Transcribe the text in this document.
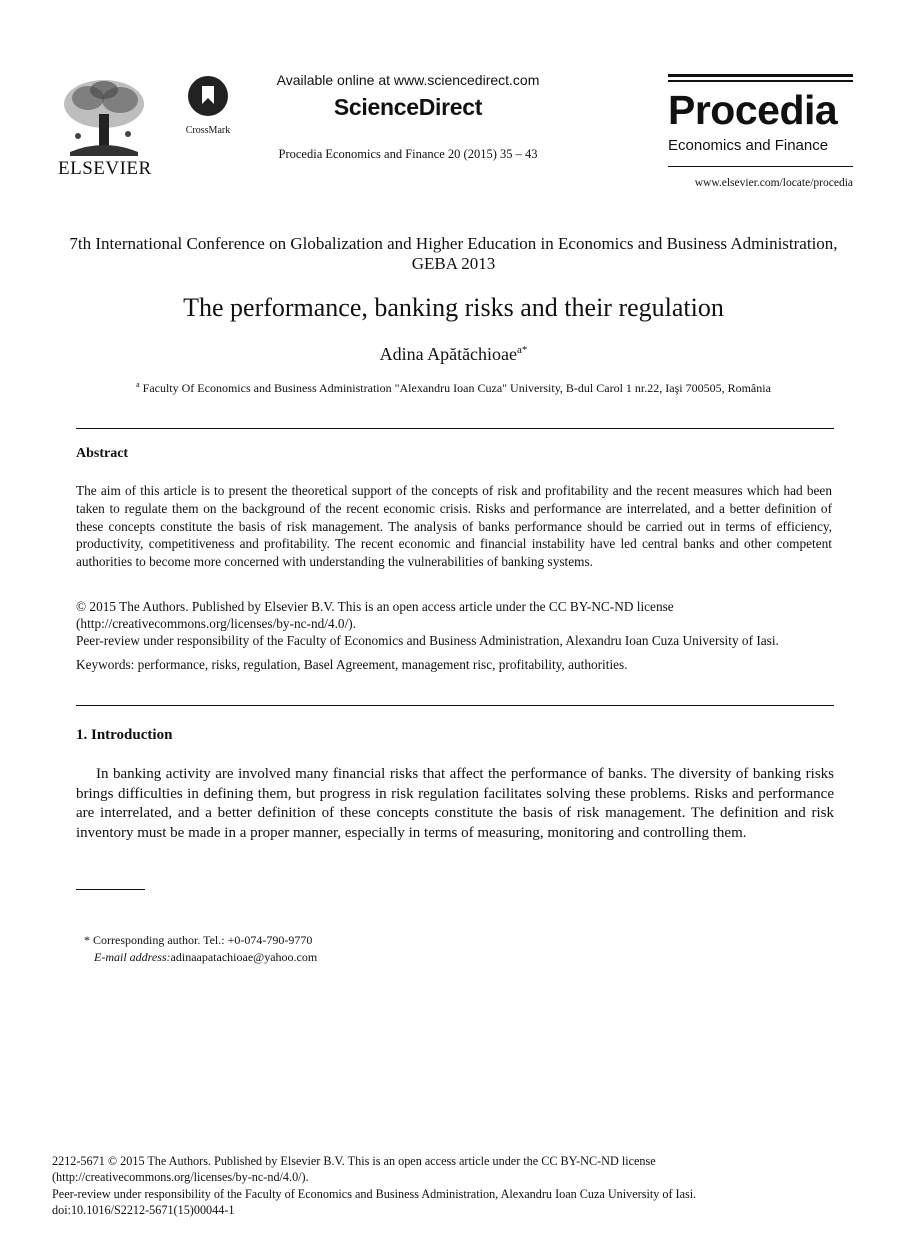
ELSEVIER
CrossMark
Available online at www.sciencedirect.com
ScienceDirect
Procedia Economics and Finance 20 (2015) 35 – 43
Procedia
Economics and Finance
www.elsevier.com/locate/procedia
7th International Conference on Globalization and Higher Education in Economics and Business Administration, GEBA 2013
The performance, banking risks and their regulation
Adina Apătăchioae$^{a*}$
$^a$ Faculty Of Economics and Business Administration "Alexandru Ioan Cuza" University, B-dul Carol 1 nr.22, Iaşi 700505, România
Abstract
The aim of this article is to present the theoretical support of the concepts of risk and profitability and the recent measures which had been taken to regulate them on the background of the recent economic crisis. Risks and performance are interrelated, and a better definition of these concepts constitute the basis of risk management. The analysis of banks performance should be carried out in terms of efficiency, productivity, competitiveness and profitability. The recent economic and financial instability have led central banks and other competent authorities to become more concerned with understanding the vulnerabilities of banking systems.
© 2015 The Authors. Published by Elsevier B.V. This is an open access article under the CC BY-NC-ND license
(http://creativecommons.org/licenses/by-nc-nd/4.0/).
Peer-review under responsibility of the Faculty of Economics and Business Administration, Alexandru Ioan Cuza University of Iasi.
Keywords: performance, risks, regulation, Basel Agreement, management risc, profitability, authorities.
1. Introduction
In banking activity are involved many financial risks that affect the performance of banks. The diversity of banking risks brings difficulties in defining them, but progress in risk regulation facilitates solving these problems. Risks and performance are interrelated, and a better definition of these concepts constitute the basis of risk management. The definition and risk inventory must be made in a proper manner, especially in terms of measuring, monitoring and controlling them.
* Corresponding author. Tel.: +0-074-790-9770
E-mail address:adinaapatachioae@yahoo.com
2212-5671 © 2015 The Authors. Published by Elsevier B.V. This is an open access article under the CC BY-NC-ND license
(http://creativecommons.org/licenses/by-nc-nd/4.0/).
Peer-review under responsibility of the Faculty of Economics and Business Administration, Alexandru Ioan Cuza University of Iasi.
doi:10.1016/S2212-5671(15)00044-1
